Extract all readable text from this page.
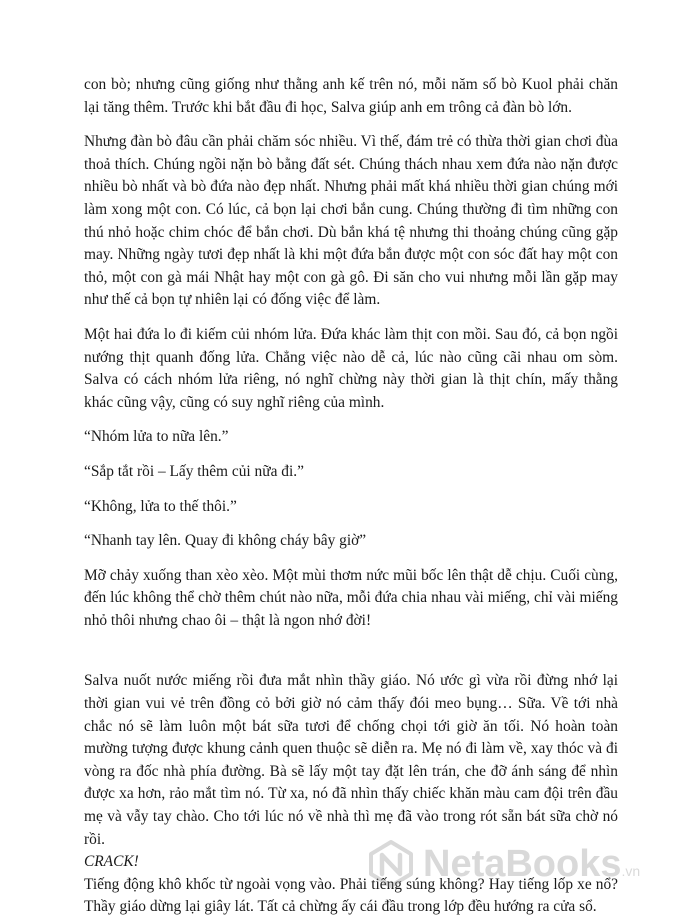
con bò; nhưng cũng giống như thằng anh kế trên nó, mỗi năm số bò Kuol phải chăn lại tăng thêm. Trước khi bắt đầu đi học, Salva giúp anh em trông cả đàn bò lớn.

Nhưng đàn bò đâu cần phải chăm sóc nhiều. Vì thế, đám trẻ có thừa thời gian chơi đùa thoả thích. Chúng ngồi nặn bò bằng đất sét. Chúng thách nhau xem đứa nào nặn được nhiều bò nhất và bò đứa nào đẹp nhất. Nhưng phải mất khá nhiều thời gian chúng mới làm xong một con. Có lúc, cả bọn lại chơi bắn cung. Chúng thường đi tìm những con thú nhỏ hoặc chim chóc để bắn chơi. Dù bắn khá tệ nhưng thi thoảng chúng cũng gặp may. Những ngày tươi đẹp nhất là khi một đứa bắn được một con sóc đất hay một con thỏ, một con gà mái Nhật hay một con gà gô. Đi săn cho vui nhưng mỗi lần gặp may như thế cả bọn tự nhiên lại có đống việc để làm.

Một hai đứa lo đi kiếm củi nhóm lửa. Đứa khác làm thịt con mồi. Sau đó, cả bọn ngồi nướng thịt quanh đống lửa. Chẳng việc nào dễ cả, lúc nào cũng cãi nhau om sòm. Salva có cách nhóm lửa riêng, nó nghĩ chừng này thời gian là thịt chín, mấy thằng khác cũng vậy, cũng có suy nghĩ riêng của mình.

“Nhóm lửa to nữa lên.”

“Sắp tắt rồi – Lấy thêm củi nữa đi.”

“Không, lửa to thế thôi.”

“Nhanh tay lên. Quay đi không cháy bây giờ”

Mỡ chảy xuống than xèo xèo. Một mùi thơm nức mũi bốc lên thật dễ chịu. Cuối cùng, đến lúc không thể chờ thêm chút nào nữa, mỗi đứa chia nhau vài miếng, chỉ vài miếng nhỏ thôi nhưng chao ôi – thật là ngon nhớ đời!

Salva nuốt nước miếng rồi đưa mắt nhìn thầy giáo. Nó ước gì vừa rồi đừng nhớ lại thời gian vui vẻ trên đồng cỏ bởi giờ nó cảm thấy đói meo bụng… Sữa. Về tới nhà chắc nó sẽ làm luôn một bát sữa tươi để chống chọi tới giờ ăn tối. Nó hoàn toàn mường tượng được khung cảnh quen thuộc sẽ diễn ra. Mẹ nó đi làm về, xay thóc và đi vòng ra đốc nhà phía đường. Bà sẽ lấy một tay đặt lên trán, che đỡ ánh sáng để nhìn được xa hơn, rảo mắt tìm nó. Từ xa, nó đã nhìn thấy chiếc khăn màu cam đội trên đầu mẹ và vẫy tay chào. Cho tới lúc nó về nhà thì mẹ đã vào trong rót sẵn bát sữa chờ nó rồi.

CRACK!

Tiếng động khô khốc từ ngoài vọng vào. Phải tiếng súng không? Hay tiếng lốp xe nổ? Thầy giáo dừng lại giây lát. Tất cả chừng ấy cái đầu trong lớp đều hướng ra cửa sổ.

NetaBooks.vn
